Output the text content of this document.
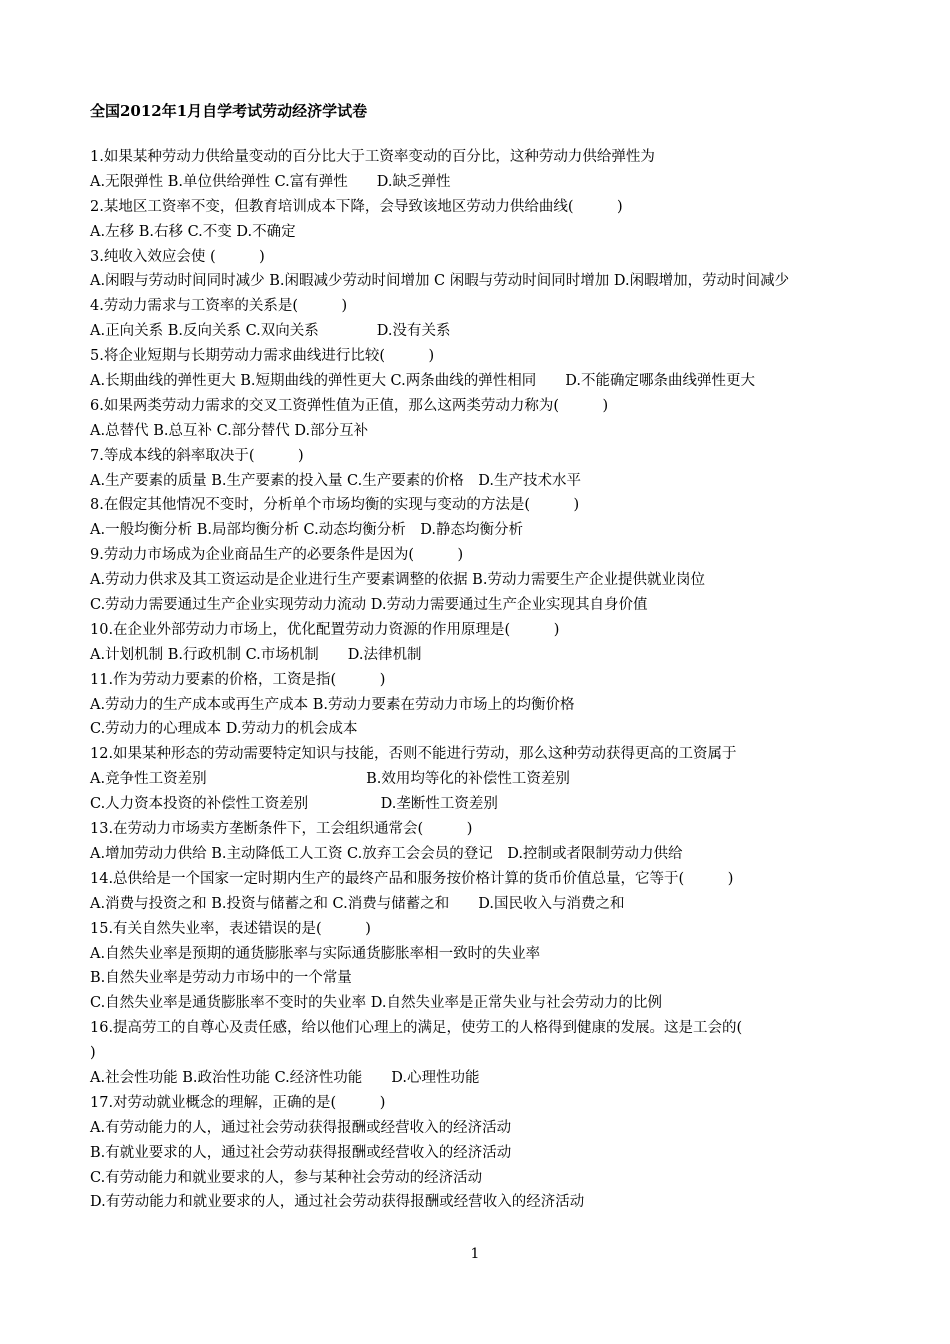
全国2012年1月自学考试劳动经济学试卷
1.如果某种劳动力供给量变动的百分比大于工资率变动的百分比，这种劳动力供给弹性为
A.无限弹性 B.单位供给弹性 C.富有弹性　　D.缺乏弹性
2.某地区工资率不变，但教育培训成本下降，会导致该地区劳动力供给曲线(　　　)
A.左移 B.右移 C.不变 D.不确定
3.纯收入效应会使 (　　　)
A.闲暇与劳动时间同时减少 B.闲暇减少劳动时间增加 C 闲暇与劳动时间同时增加 D.闲暇增加，劳动时间减少
4.劳动力需求与工资率的关系是(　　　)
A.正向关系 B.反向关系 C.双向关系　　　　D.没有关系
5.将企业短期与长期劳动力需求曲线进行比较(　　　)
A.长期曲线的弹性更大 B.短期曲线的弹性更大 C.两条曲线的弹性相同　　D.不能确定哪条曲线弹性更大
6.如果两类劳动力需求的交叉工资弹性值为正值，那么这两类劳动力称为(　　　)
A.总替代 B.总互补 C.部分替代 D.部分互补
7.等成本线的斜率取决于(　　　)
A.生产要素的质量 B.生产要素的投入量 C.生产要素的价格　D.生产技术水平
8.在假定其他情况不变时，分析单个市场均衡的实现与变动的方法是(　　　)
A.一般均衡分析 B.局部均衡分析 C.动态均衡分析　D.静态均衡分析
9.劳动力市场成为企业商品生产的必要条件是因为(　　　)
A.劳动力供求及其工资运动是企业进行生产要素调整的依据 B.劳动力需要生产企业提供就业岗位
C.劳动力需要通过生产企业实现劳动力流动 D.劳动力需要通过生产企业实现其自身价值
10.在企业外部劳动力市场上，优化配置劳动力资源的作用原理是(　　　)
A.计划机制 B.行政机制 C.市场机制　　D.法律机制
11.作为劳动力要素的价格，工资是指(　　　)
A.劳动力的生产成本或再生产成本 B.劳动力要素在劳动力市场上的均衡价格
C.劳动力的心理成本 D.劳动力的机会成本
12.如果某种形态的劳动需要特定知识与技能，否则不能进行劳动，那么这种劳动获得更高的工资属于
A.竞争性工资差别　　　　　　　　　　　B.效用均等化的补偿性工资差别
C.人力资本投资的补偿性工资差别　　　　　D.垄断性工资差别
13.在劳动力市场卖方垄断条件下，工会组织通常会(　　　)
A.增加劳动力供给 B.主动降低工人工资 C.放弃工会会员的登记　D.控制或者限制劳动力供给
14.总供给是一个国家一定时期内生产的最终产品和服务按价格计算的货币价值总量，它等于(　　　)
A.消费与投资之和 B.投资与储蓄之和 C.消费与储蓄之和　　D.国民收入与消费之和
15.有关自然失业率，表述错误的是(　　　)
A.自然失业率是预期的通货膨胀率与实际通货膨胀率相一致时的失业率
B.自然失业率是劳动力市场中的一个常量
C.自然失业率是通货膨胀率不变时的失业率 D.自然失业率是正常失业与社会劳动力的比例
16.提高劳工的自尊心及责任感，给以他们心理上的满足，使劳工的人格得到健康的发展。这是工会的(
)
A.社会性功能 B.政治性功能 C.经济性功能　　D.心理性功能
17.对劳动就业概念的理解，正确的是(　　　)
A.有劳动能力的人，通过社会劳动获得报酬或经营收入的经济活动
B.有就业要求的人，通过社会劳动获得报酬或经营收入的经济活动
C.有劳动能力和就业要求的人，参与某种社会劳动的经济活动
D.有劳动能力和就业要求的人，通过社会劳动获得报酬或经营收入的经济活动
1
